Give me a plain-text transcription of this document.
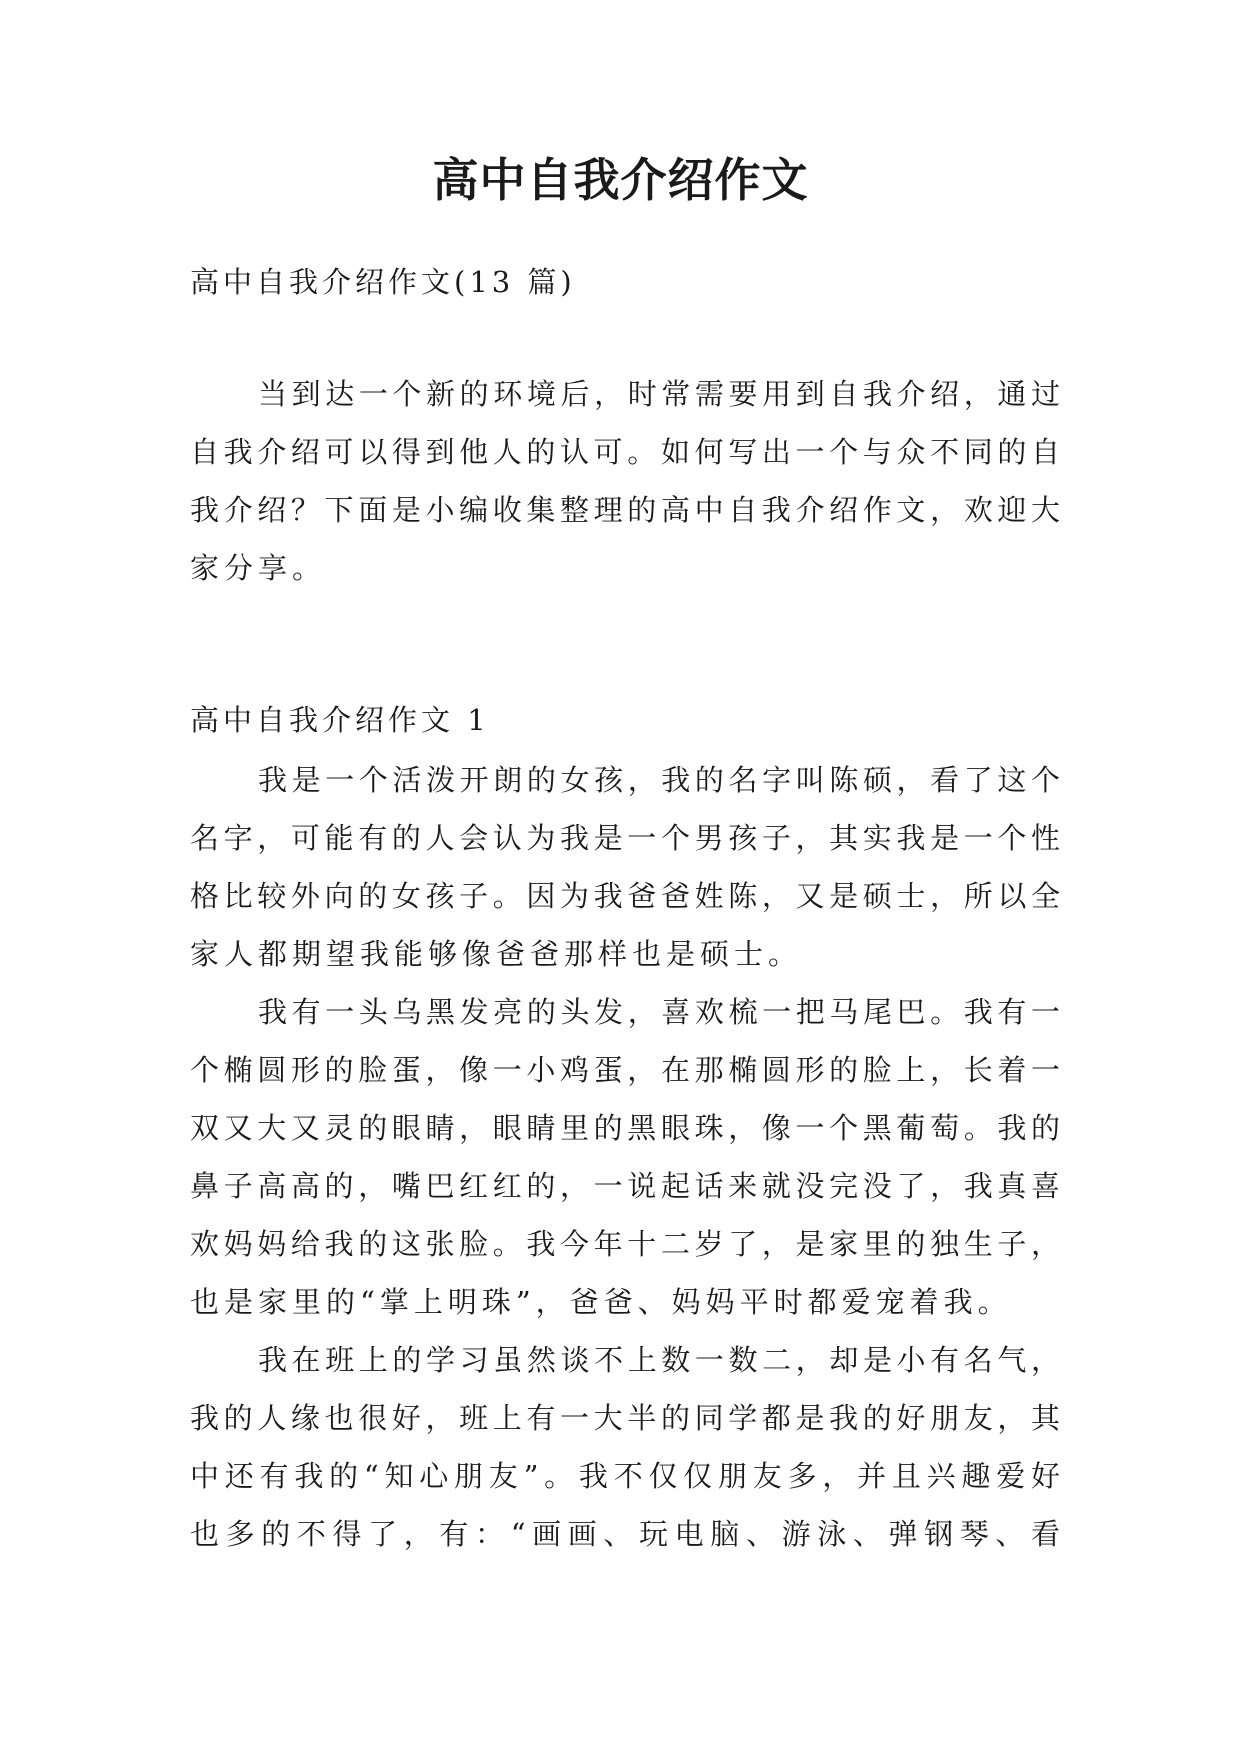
高中自我介绍作文
高中自我介绍作文(13 篇)
当到达一个新的环境后，时常需要用到自我介绍，通过
自我介绍可以得到他人的认可。如何写出一个与众不同的自
我介绍？下面是小编收集整理的高中自我介绍作文，欢迎大
家分享。
高中自我介绍作文 1
我是一个活泼开朗的女孩，我的名字叫陈硕，看了这个
名字，可能有的人会认为我是一个男孩子，其实我是一个性
格比较外向的女孩子。因为我爸爸姓陈，又是硕士，所以全
家人都期望我能够像爸爸那样也是硕士。
我有一头乌黑发亮的头发，喜欢梳一把马尾巴。我有一
个椭圆形的脸蛋，像一小鸡蛋，在那椭圆形的脸上，长着一
双又大又灵的眼睛，眼睛里的黑眼珠，像一个黑葡萄。我的
鼻子高高的，嘴巴红红的，一说起话来就没完没了，我真喜
欢妈妈给我的这张脸。我今年十二岁了，是家里的独生子，
也是家里的“掌上明珠”，爸爸、妈妈平时都爱宠着我。
我在班上的学习虽然谈不上数一数二，却是小有名气，
我的人缘也很好，班上有一大半的同学都是我的好朋友，其
中还有我的“知心朋友”。我不仅仅朋友多，并且兴趣爱好
也多的不得了，有：“画画、玩电脑、游泳、弹钢琴、看
